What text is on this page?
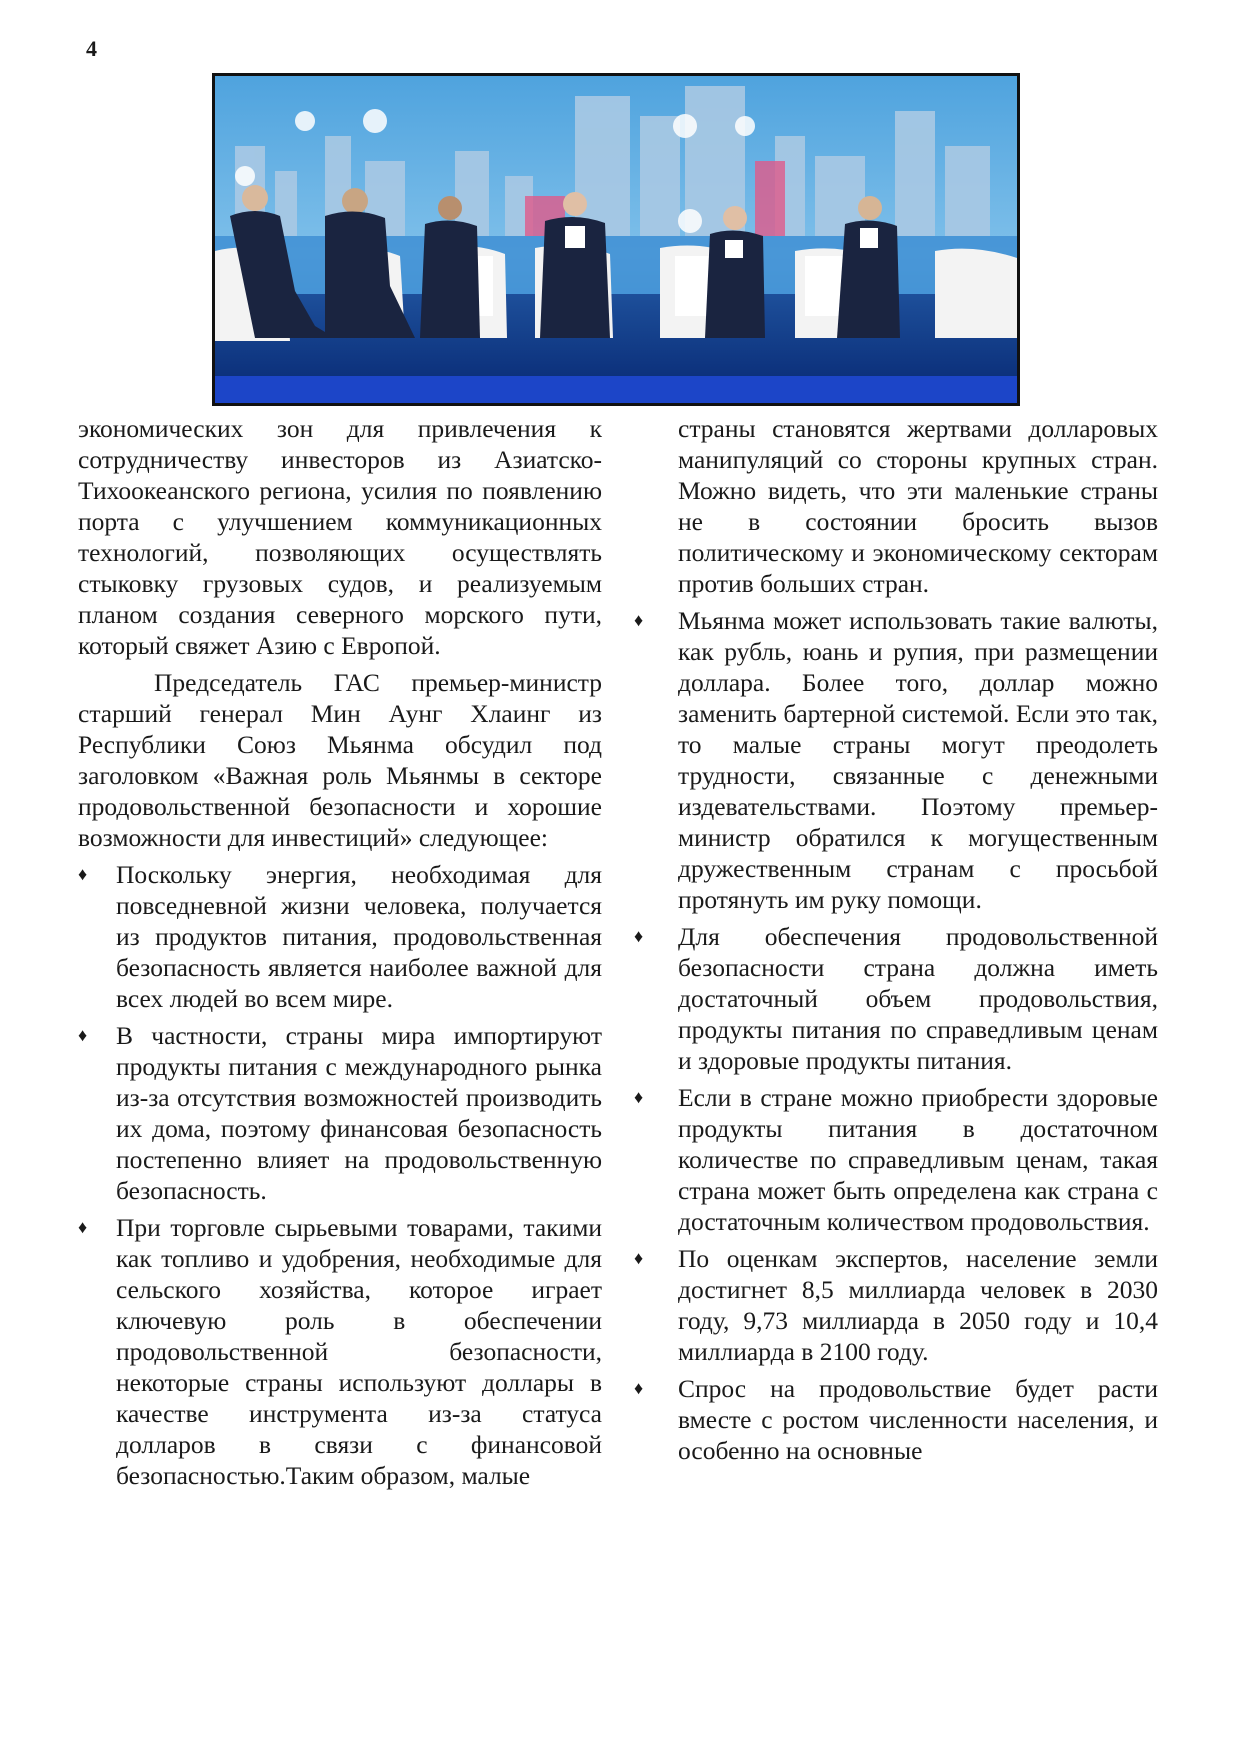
4

экономических зон для привлечения к сотрудничеству инвесторов из Азиатско-Тихоокеанского региона, усилия по появлению порта с улучшением коммуникационных технологий, позволяющих осуществлять стыковку грузовых судов, и реализуемым планом создания северного морского пути, который свяжет Азию с Европой.

Председатель ГАС премьер-министр старший генерал Мин Аунг Хлаинг из Республики Союз Мьянма обсудил под заголовком «Важная роль Мьянмы в секторе продовольственной безопасности и хорошие возможности для инвестиций» следующее:

♦ Поскольку энергия, необходимая для повседневной жизни человека, получается из продуктов питания, продовольственная безопасность является наиболее важной для всех людей во всем мире.
♦ В частности, страны мира импортируют продукты питания с международного рынка из-за отсутствия возможностей производить их дома, поэтому финансовая безопасность постепенно влияет на продовольственную безопасность.
♦ При торговле сырьевыми товарами, такими как топливо и удобрения, необходимые для сельского хозяйства, которое играет ключевую роль в обеспечении продовольственной безопасности, некоторые страны используют доллары в качестве инструмента из-за статуса долларов в связи с финансовой безопасностью.Таким образом, малые

страны становятся жертвами долларовых манипуляций со стороны крупных стран. Можно видеть, что эти маленькие страны не в состоянии бросить вызов политическому и экономическому секторам против больших стран.

♦ Мьянма может использовать такие валюты, как рубль, юань и рупия, при размещении доллара. Более того, доллар можно заменить бартерной системой. Если это так, то малые страны могут преодолеть трудности, связанные с денежными издевательствами. Поэтому премьер-министр обратился к могущественным дружественным странам с просьбой протянуть им руку помощи.
♦ Для обеспечения продовольственной безопасности страна должна иметь достаточный объем продовольствия, продукты питания по справедливым ценам и здоровые продукты питания.
♦ Если в стране можно приобрести здоровые продукты питания в достаточном количестве по справедливым ценам, такая страна может быть определена как страна с достаточным количеством продовольствия.
♦ По оценкам экспертов, население земли достигнет 8,5 миллиарда человек в 2030 году, 9,73 миллиарда в 2050 году и 10,4 миллиарда в 2100 году.
♦ Спрос на продовольствие будет расти вместе с ростом численности населения, и особенно на основные
